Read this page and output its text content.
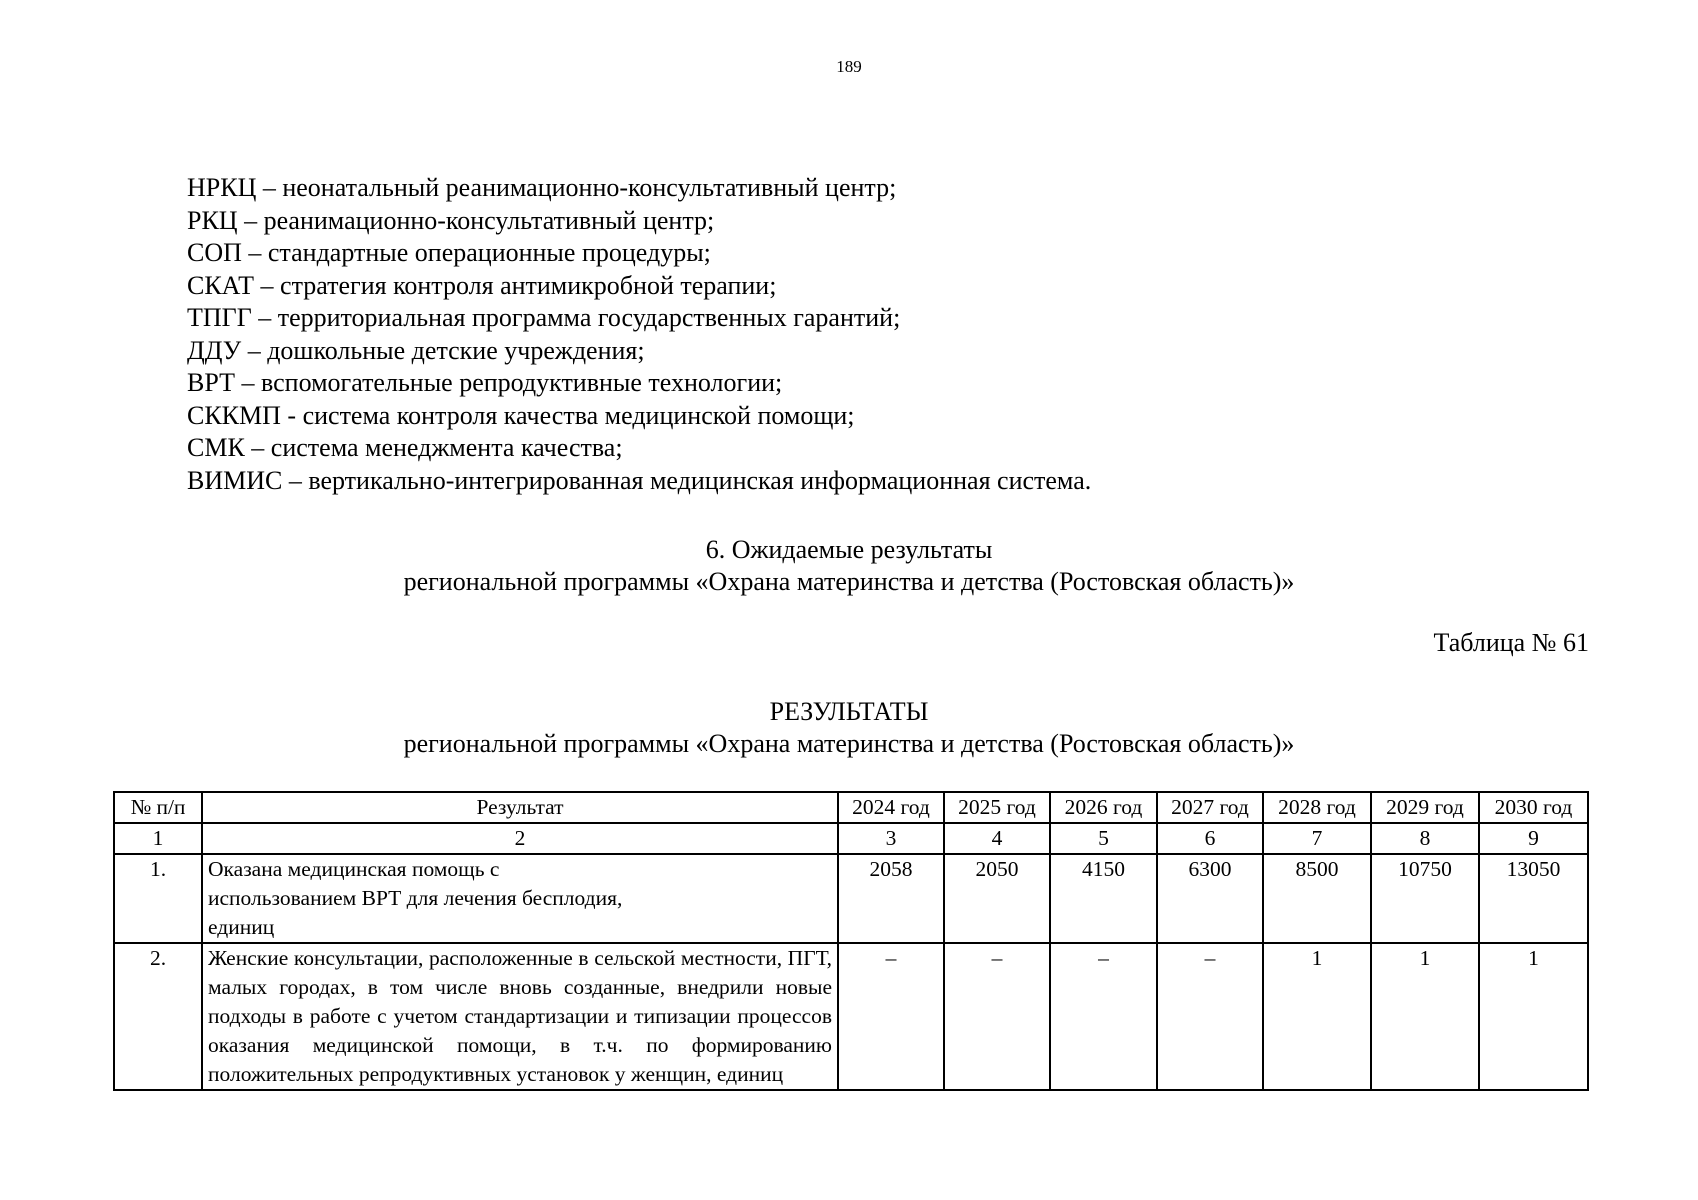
189
НРКЦ – неонатальный реанимационно-консультативный центр;
РКЦ – реанимационно-консультативный центр;
СОП – стандартные операционные процедуры;
СКАТ – стратегия контроля антимикробной терапии;
ТПГГ – территориальная программа государственных гарантий;
ДДУ – дошкольные детские учреждения;
ВРТ – вспомогательные репродуктивные технологии;
СККМП - система контроля качества медицинской помощи;
СМК – система менеджмента качества;
ВИМИС – вертикально-интегрированная медицинская информационная система.
6. Ожидаемые результаты
региональной программы «Охрана материнства и детства (Ростовская область)»
Таблица № 61
РЕЗУЛЬТАТЫ
региональной программы «Охрана материнства и детства (Ростовская область)»
№ п/п	Результат	2024 год	2025 год	2026 год	2027 год	2028 год	2029 год	2030 год
1	2	3	4	5	6	7	8	9
1.	Оказана медицинская помощь с использованием ВРТ для лечения бесплодия, единиц	2058	2050	4150	6300	8500	10750	13050
2.	Женские консультации, расположенные в сельской местности, ПГТ, малых городах, в том числе вновь созданные, внедрили новые подходы в работе с учетом стандартизации и типизации процессов оказания медицинской помощи, в т.ч. по формированию положительных репродуктивных установок у женщин, единиц	–	–	–	–	1	1	1
